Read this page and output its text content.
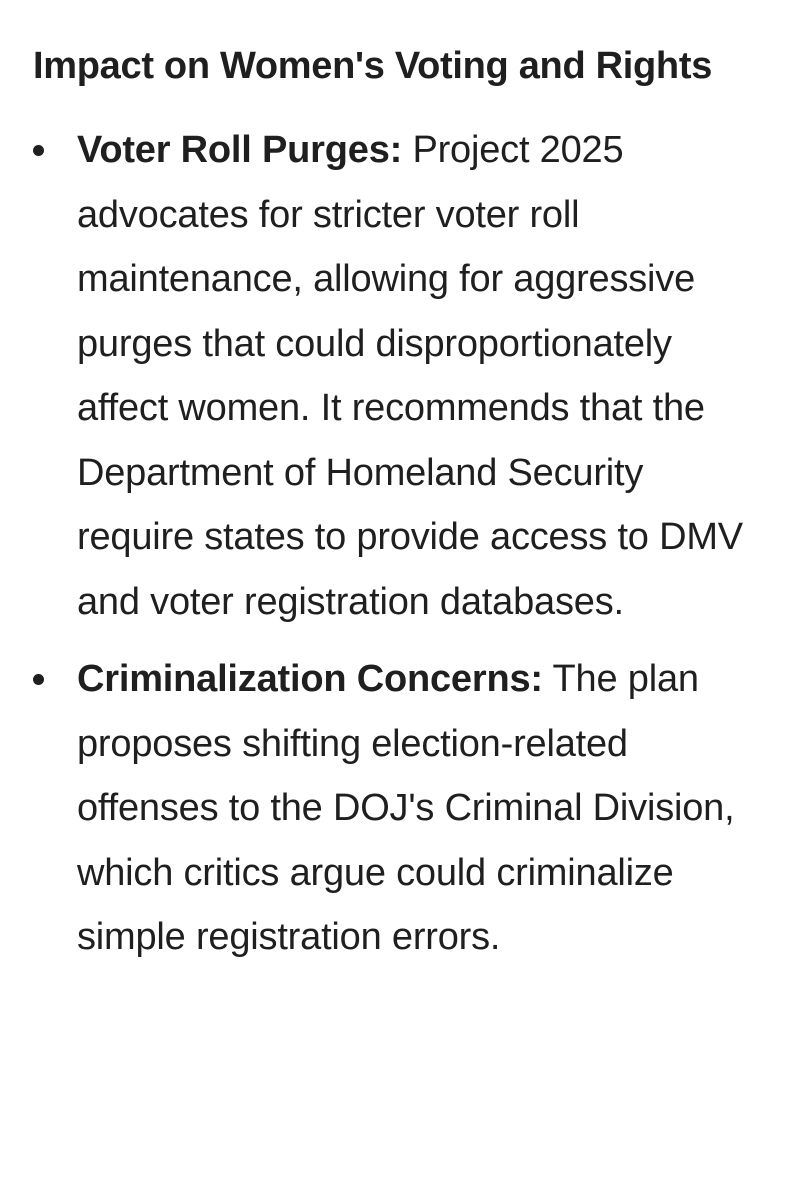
Impact on Women's Voting and Rights
Voter Roll Purges: Project 2025 advocates for stricter voter roll maintenance, allowing for aggressive purges that could disproportionately affect women. It recommends that the Department of Homeland Security require states to provide access to DMV and voter registration databases.
Criminalization Concerns: The plan proposes shifting election-related offenses to the DOJ's Criminal Division, which critics argue could criminalize simple registration errors.
